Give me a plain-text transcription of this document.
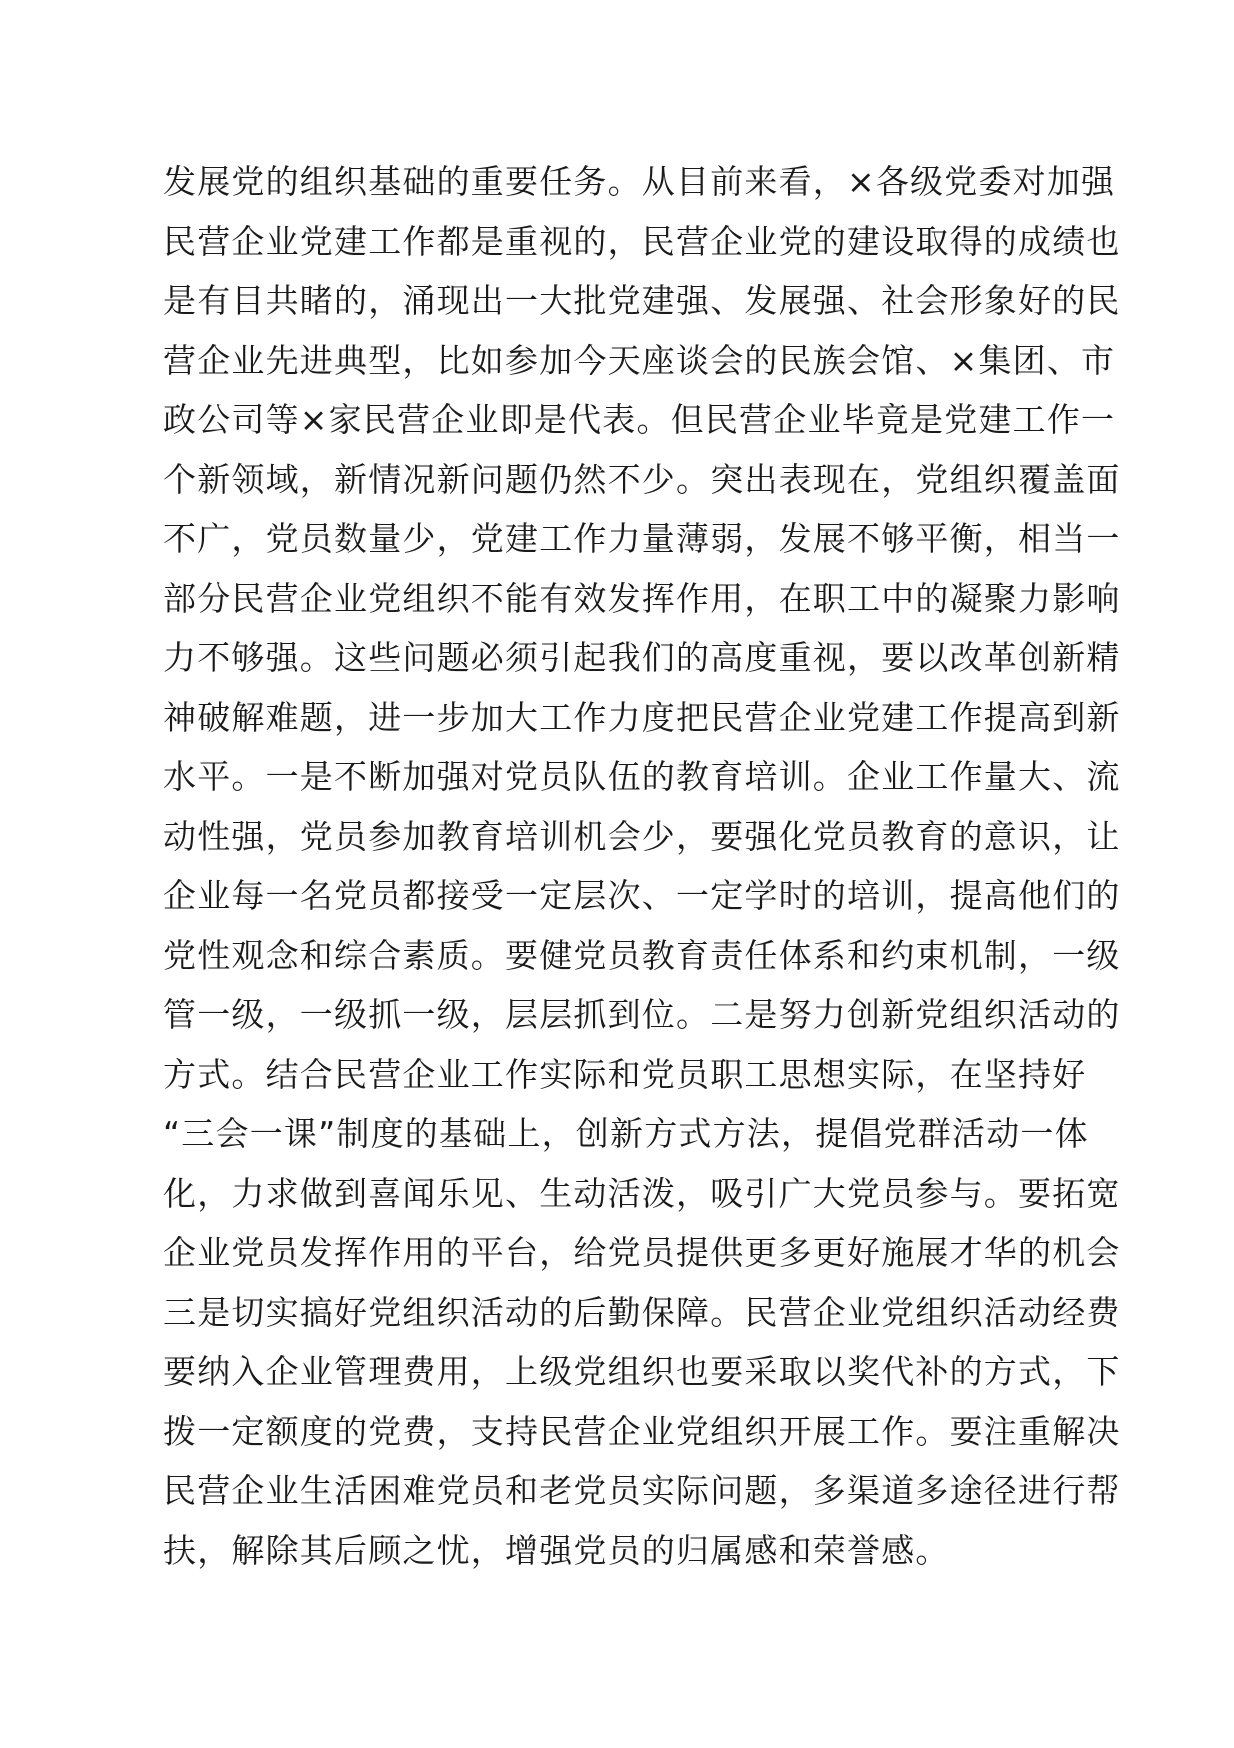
发展党的组织基础的重要任务。从目前来看，×各级党委对加强
民营企业党建工作都是重视的，民营企业党的建设取得的成绩也
是有目共睹的，涌现出一大批党建强、发展强、社会形象好的民
营企业先进典型，比如参加今天座谈会的民族会馆、×集团、市
政公司等×家民营企业即是代表。但民营企业毕竟是党建工作一
个新领域，新情况新问题仍然不少。突出表现在，党组织覆盖面
不广，党员数量少，党建工作力量薄弱，发展不够平衡，相当一
部分民营企业党组织不能有效发挥作用，在职工中的凝聚力影响
力不够强。这些问题必须引起我们的高度重视，要以改革创新精
神破解难题，进一步加大工作力度把民营企业党建工作提高到新
水平。一是不断加强对党员队伍的教育培训。企业工作量大、流
动性强，党员参加教育培训机会少，要强化党员教育的意识，让
企业每一名党员都接受一定层次、一定学时的培训，提高他们的
党性观念和综合素质。要健党员教育责任体系和约束机制，一级
管一级，一级抓一级，层层抓到位。二是努力创新党组织活动的
方式。结合民营企业工作实际和党员职工思想实际，在坚持好
“三会一课”制度的基础上，创新方式方法，提倡党群活动一体
化，力求做到喜闻乐见、生动活泼，吸引广大党员参与。要拓宽
企业党员发挥作用的平台，给党员提供更多更好施展才华的机会
三是切实搞好党组织活动的后勤保障。民营企业党组织活动经费
要纳入企业管理费用，上级党组织也要采取以奖代补的方式，下
拨一定额度的党费，支持民营企业党组织开展工作。要注重解决
民营企业生活困难党员和老党员实际问题，多渠道多途径进行帮
扶，解除其后顾之忧，增强党员的归属感和荣誉感。
